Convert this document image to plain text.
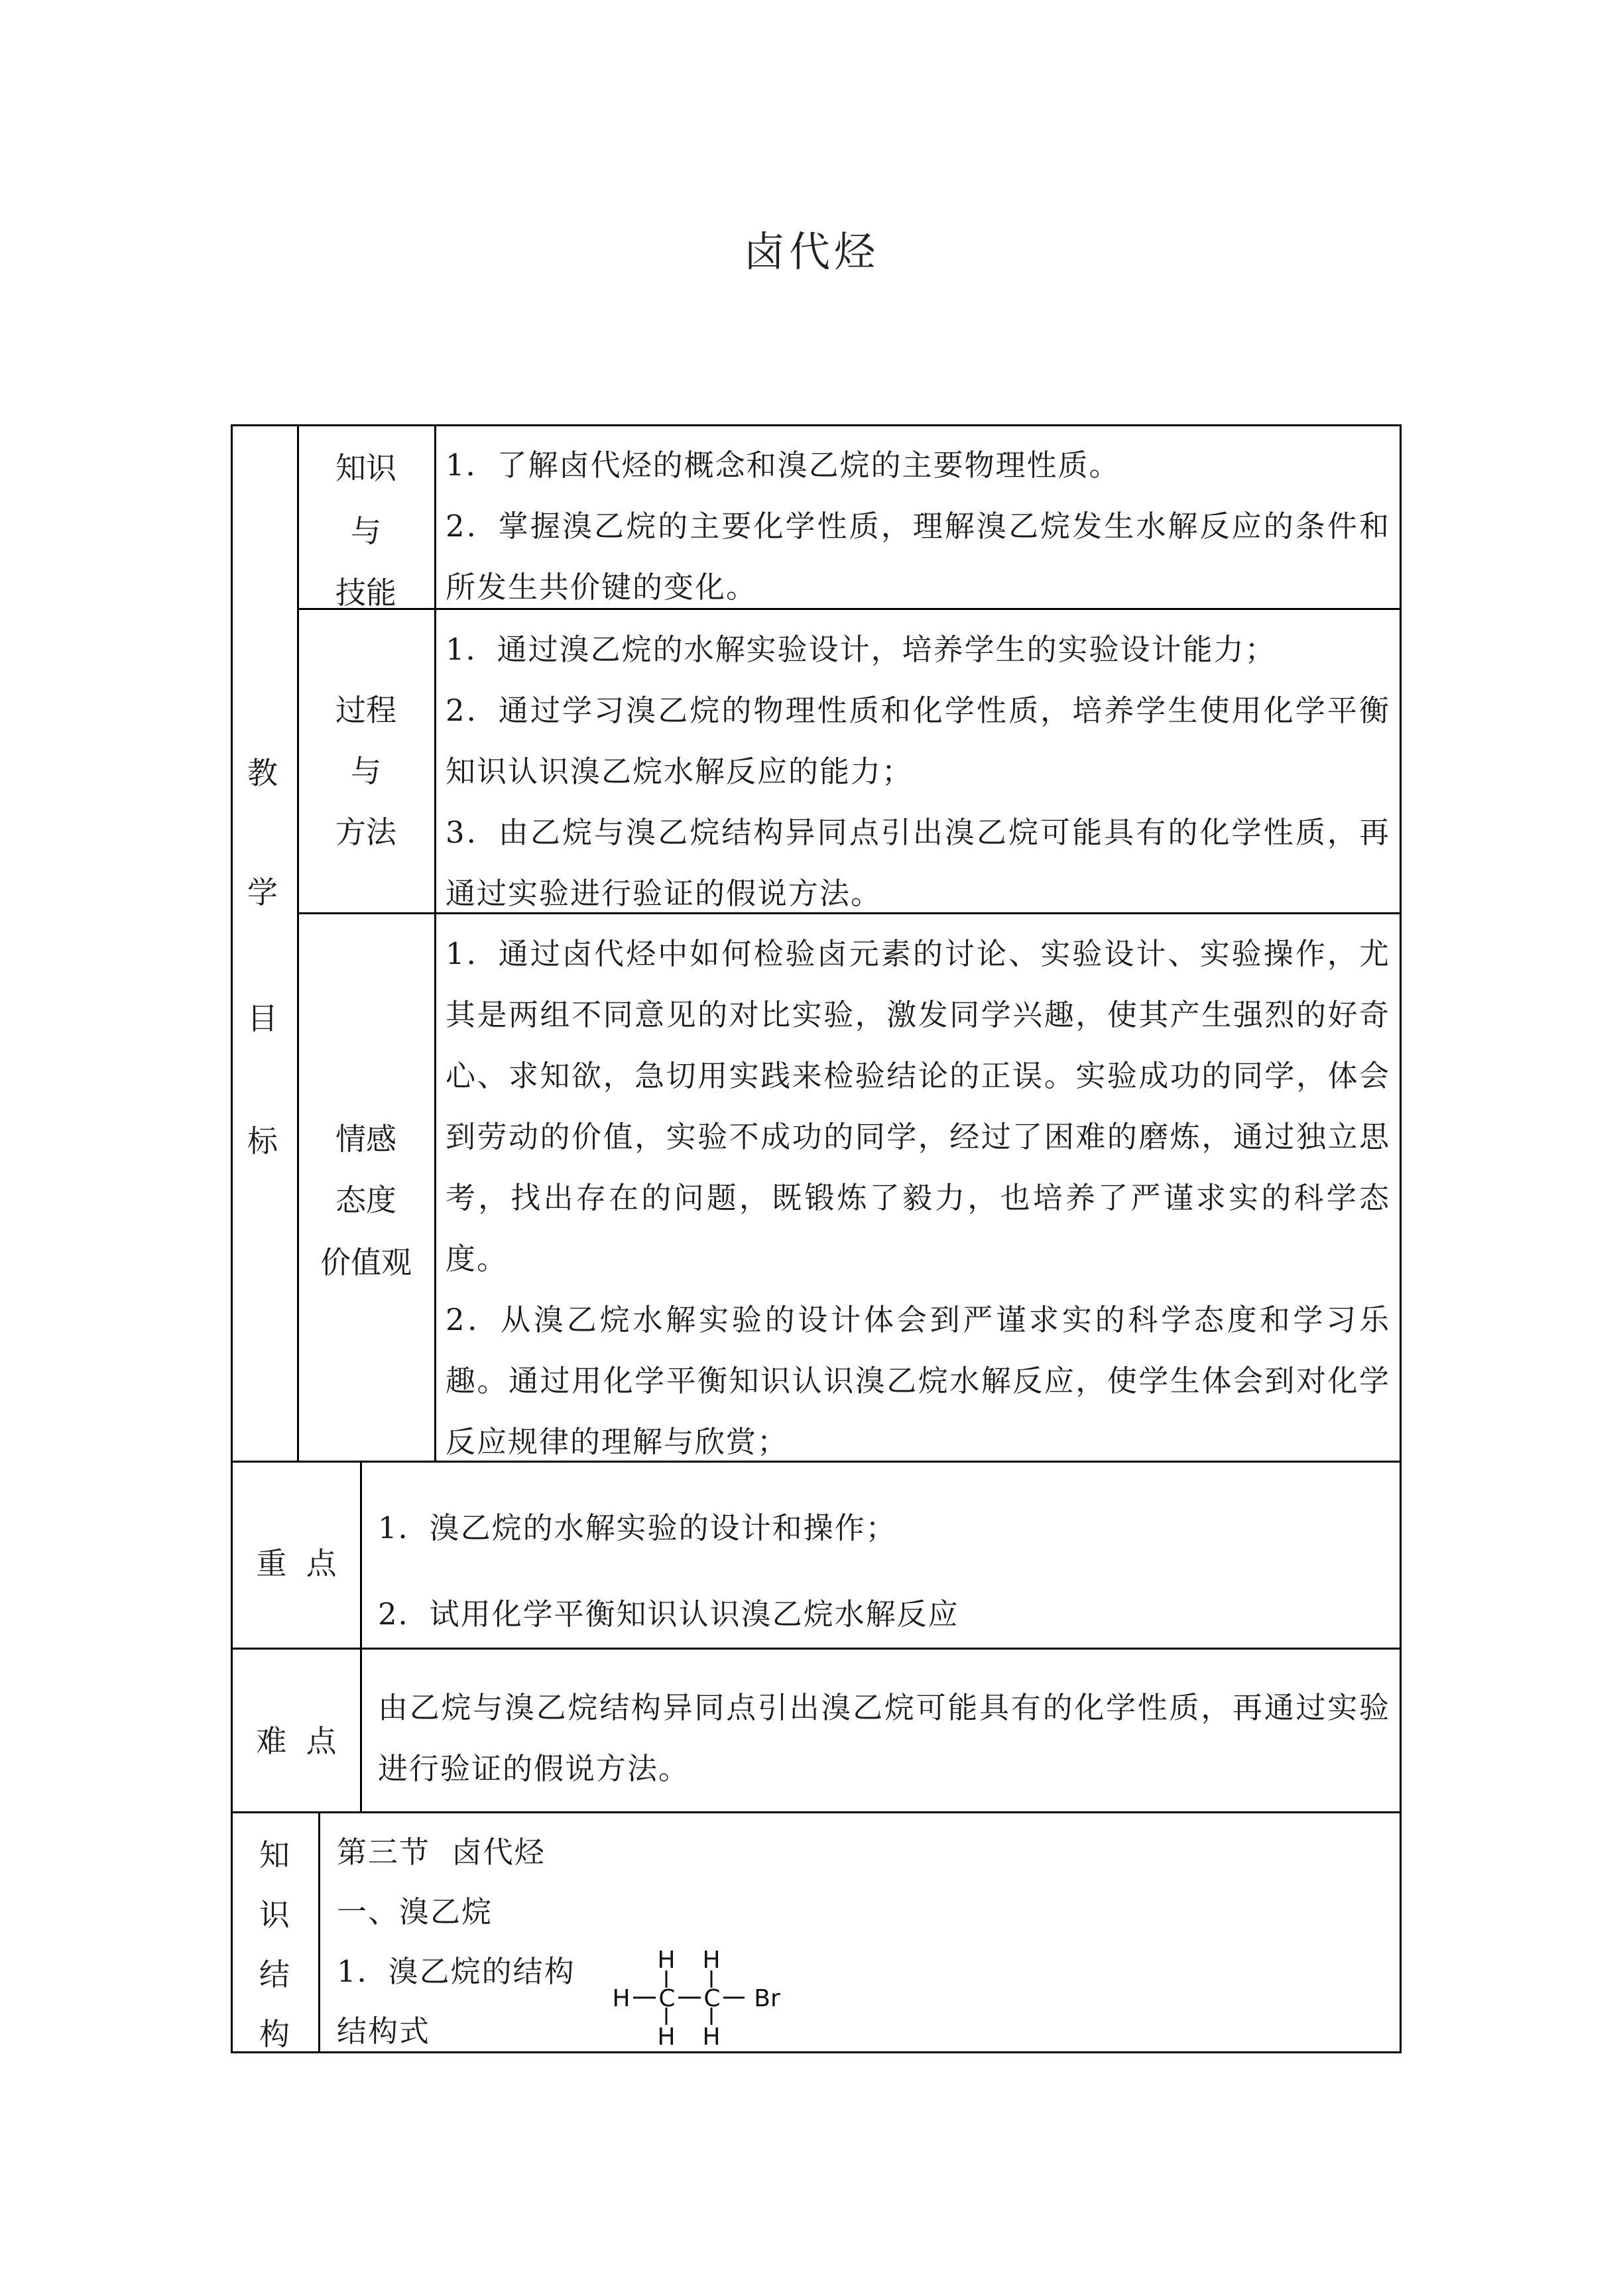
卤代烃
教
学
目
标
知识
与
技能
1．了解卤代烃的概念和溴乙烷的主要物理性质。
2．掌握溴乙烷的主要化学性质，理解溴乙烷发生水解反应的条件和所发生共价键的变化。
过程
与
方法
1．通过溴乙烷的水解实验设计，培养学生的实验设计能力；
2．通过学习溴乙烷的物理性质和化学性质，培养学生使用化学平衡知识认识溴乙烷水解反应的能力；
3．由乙烷与溴乙烷结构异同点引出溴乙烷可能具有的化学性质，再通过实验进行验证的假说方法。
情感
态度
价值观
1．通过卤代烃中如何检验卤元素的讨论、实验设计、实验操作，尤其是两组不同意见的对比实验，激发同学兴趣，使其产生强烈的好奇心、求知欲，急切用实践来检验结论的正误。实验成功的同学，体会到劳动的价值，实验不成功的同学，经过了困难的磨炼，通过独立思考，找出存在的问题，既锻炼了毅力，也培养了严谨求实的科学态度。
2．从溴乙烷水解实验的设计体会到严谨求实的科学态度和学习乐趣。通过用化学平衡知识认识溴乙烷水解反应，使学生体会到对化学反应规律的理解与欣赏；
重  点
1．溴乙烷的水解实验的设计和操作；
2．试用化学平衡知识认识溴乙烷水解反应
难  点
由乙烷与溴乙烷结构异同点引出溴乙烷可能具有的化学性质，再通过实验进行验证的假说方法。
知
识
结
构
第三节  卤代烃
一、溴乙烷
1．溴乙烷的结构
结构式
H H
H C C Br
H H
